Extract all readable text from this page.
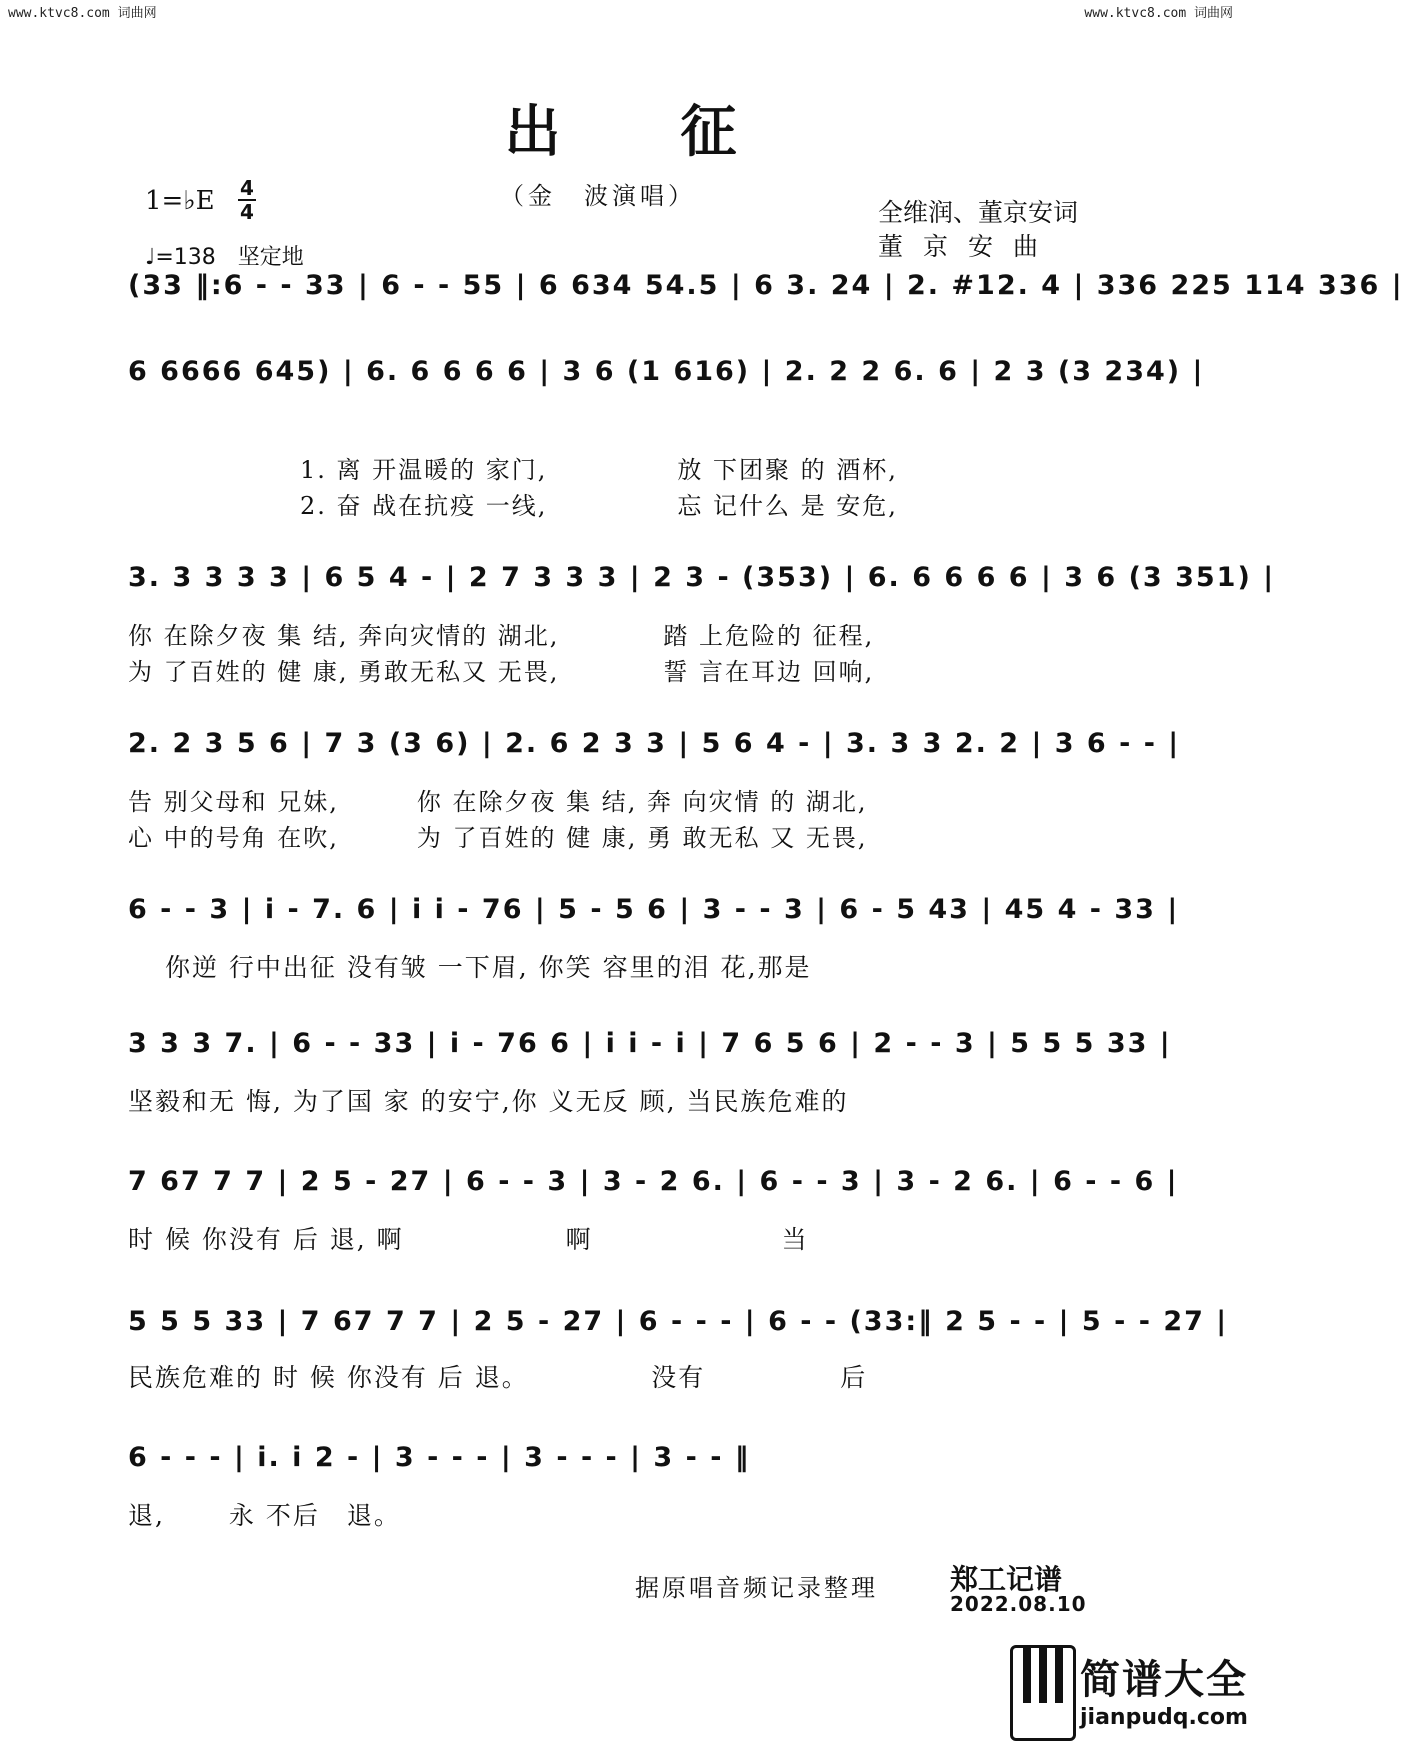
www.ktvc8.com 词曲网	www.ktvc8.com 词曲网
出征
（金　波演唱）
1=♭E 4
4
♩=138　坚定地
全维润、董京安词
董京安曲
(33 ‖:6 - - 33 | 6 - - 55 | 6 634 54.5 | 6 3. 24 | 2. #12. 4 | 336 225 114 336 |
6 6666 645) | 6. 6 6 6 6 | 3 6 (1 616) | 2. 2 2 6. 6 | 2 3 (3 234) |
1. 离 开温暖的 家门,　　　　　放 下团聚 的 酒杯,
2. 奋 战在抗疫 一线,　　　　　忘 记什么 是 安危,
3. 3 3 3 3 | 6 5 4 - | 2 7 3 3 3 | 2 3 - (353) | 6. 6 6 6 6 | 3 6 (3 351) |
你 在除夕夜 集 结, 奔向灾情的 湖北,　　　　踏 上危险的 征程,
为 了百姓的 健 康, 勇敢无私又 无畏,　　　　誓 言在耳边 回响,
2. 2 3 5 6 | 7 3 (3 6) | 2. 6 2 3 3 | 5 6 4 - | 3. 3 3 2. 2 | 3 6 - - |
告 别父母和 兄妹,　　　你 在除夕夜 集 结, 奔 向灾情 的 湖北,
心 中的号角 在吹,　　　为 了百姓的 健 康, 勇 敢无私 又 无畏,
6 - - 3 | i - 7. 6 | i i - 76 | 5 - 5 6 | 3 - - 3 | 6 - 5 43 | 45 4 - 33 |
　 你逆 行中出征 没有皱 一下眉, 你笑 容里的泪 花,那是
3 3 3 7. | 6 - - 33 | i - 76 6 | i i - i | 7 6 5 6 | 2 - - 3 | 5 5 5 33 |
坚毅和无 悔, 为了国 家 的安宁,你 义无反 顾, 当民族危难的
7 67 7 7 | 2 5 - 27 | 6 - - 3 | 3 - 2 6. | 6 - - 3 | 3 - 2 6. | 6 - - 6 |
时 候 你没有 后 退, 啊　　　　　　啊　　　　　　　当
5 5 5 33 | 7 67 7 7 | 2 5 - 27 | 6 - - - | 6 - - (33:‖ 2 5 - - | 5 - - 27 |
民族危难的 时 候 你没有 后 退。　　　　　没有　　　　　后
6 - - - | i. i 2 - | 3 - - - | 3 - - - | 3 - - ‖
退,　　 永 不后　退。
据原唱音频记录整理	郑工记谱
2022.08.10
简谱大全
jianpudq.com
